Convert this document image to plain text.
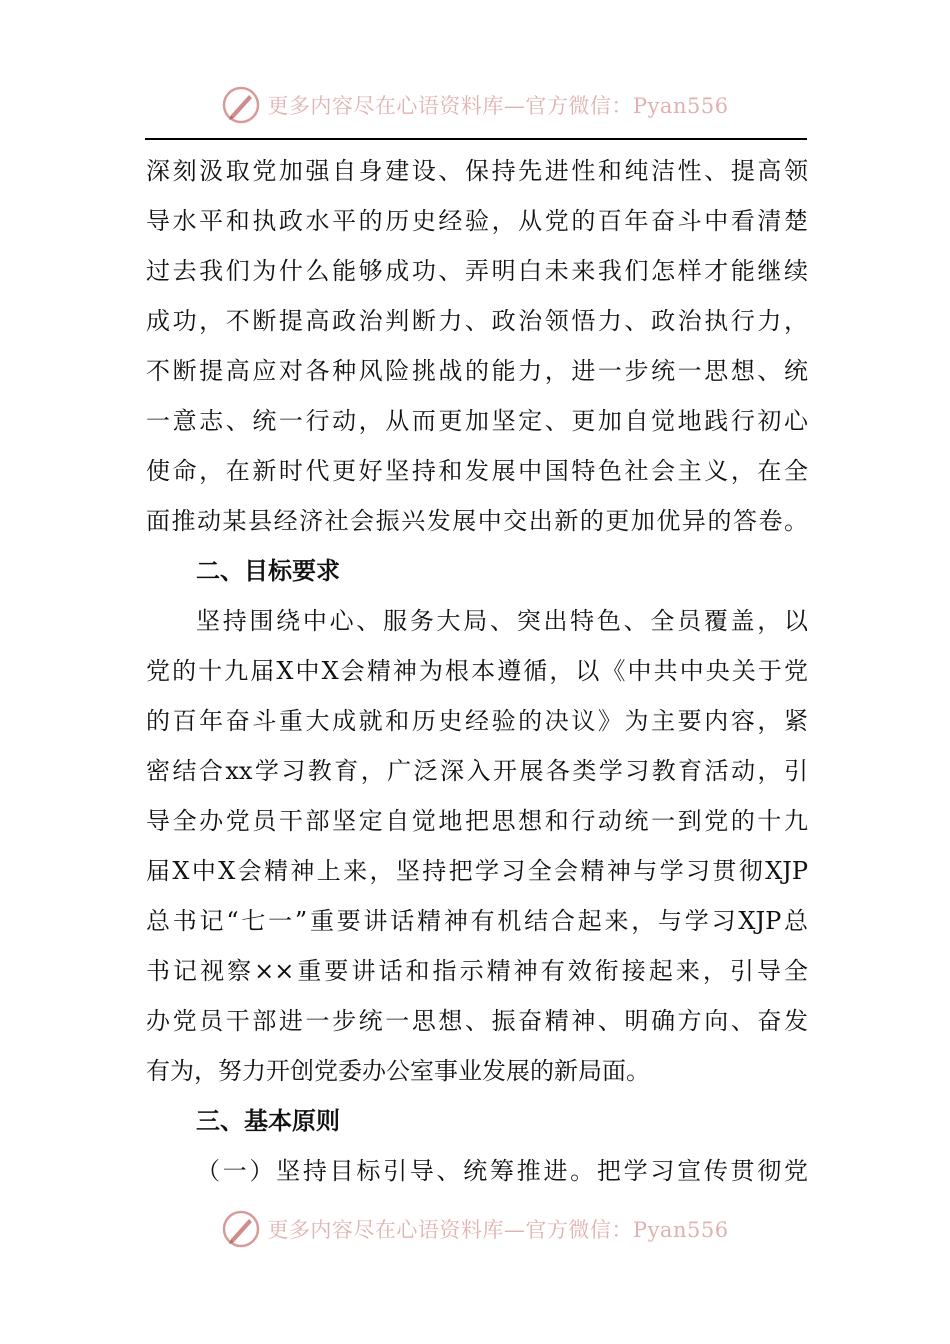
更多内容尽在心语资料库—官方微信：Pyan556
深刻汲取党加强自身建设、保持先进性和纯洁性、提高领
导水平和执政水平的历史经验，从党的百年奋斗中看清楚
过去我们为什么能够成功、弄明白未来我们怎样才能继续
成功，不断提高政治判断力、政治领悟力、政治执行力，
不断提高应对各种风险挑战的能力，进一步统一思想、统
一意志、统一行动，从而更加坚定、更加自觉地践行初心
使命，在新时代更好坚持和发展中国特色社会主义，在全
面推动某县经济社会振兴发展中交出新的更加优异的答卷。
二、目标要求
坚持围绕中心、服务大局、突出特色、全员覆盖，以
党的十九届X中X会精神为根本遵循，以《中共中央关于党
的百年奋斗重大成就和历史经验的决议》为主要内容，紧
密结合xx学习教育，广泛深入开展各类学习教育活动，引
导全办党员干部坚定自觉地把思想和行动统一到党的十九
届X中X会精神上来，坚持把学习全会精神与学习贯彻XJP
总书记“七一”重要讲话精神有机结合起来，与学习XJP总
书记视察××重要讲话和指示精神有效衔接起来，引导全
办党员干部进一步统一思想、振奋精神、明确方向、奋发
有为，努力开创党委办公室事业发展的新局面。
三、基本原则
（一）坚持目标引导、统筹推进。把学习宣传贯彻党
更多内容尽在心语资料库—官方微信：Pyan556
